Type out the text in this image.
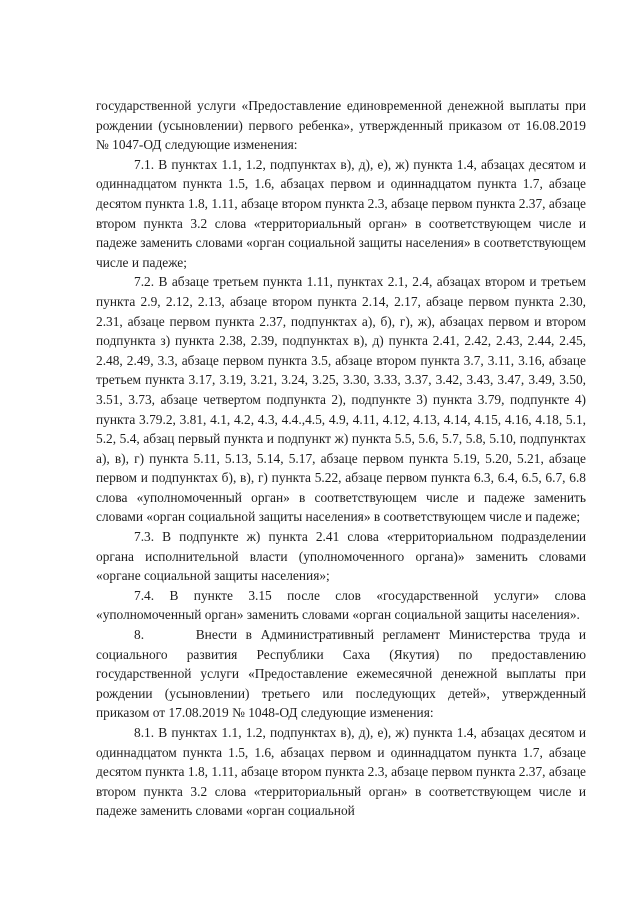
государственной услуги «Предоставление единовременной денежной выплаты при рождении (усыновлении) первого ребенка», утвержденный приказом от 16.08.2019 № 1047-ОД следующие изменения:

7.1. В пунктах 1.1, 1.2, подпунктах в), д), е), ж) пункта 1.4, абзацах десятом и одиннадцатом пункта 1.5, 1.6, абзацах первом и одиннадцатом пункта 1.7, абзаце десятом пункта 1.8, 1.11, абзаце втором пункта 2.3, абзаце первом пункта 2.37, абзаце втором пункта 3.2 слова «территориальный орган» в соответствующем числе и падеже заменить словами «орган социальной защиты населения» в соответствующем числе и падеже;

7.2. В абзаце третьем пункта 1.11, пунктах 2.1, 2.4, абзацах втором и третьем пункта 2.9, 2.12, 2.13, абзаце втором пункта 2.14, 2.17, абзаце первом пункта 2.30, 2.31, абзаце первом пункта 2.37, подпунктах а), б), г), ж), абзацах первом и втором подпункта з) пункта 2.38, 2.39, подпунктах в), д) пункта 2.41, 2.42, 2.43, 2.44, 2.45, 2.48, 2.49, 3.3, абзаце первом пункта 3.5, абзаце втором пункта 3.7, 3.11, 3.16, абзаце третьем пункта 3.17, 3.19, 3.21, 3.24, 3.25, 3.30, 3.33, 3.37, 3.42, 3.43, 3.47, 3.49, 3.50, 3.51, 3.73, абзаце четвертом подпункта 2), подпункте 3) пункта 3.79, подпункте 4) пункта 3.79.2, 3.81, 4.1, 4.2, 4.3, 4.4.,4.5, 4.9, 4.11, 4.12, 4.13, 4.14, 4.15, 4.16, 4.18, 5.1, 5.2, 5.4, абзац первый пункта и подпункт ж) пункта 5.5, 5.6, 5.7, 5.8, 5.10, подпунктах а), в), г) пункта 5.11, 5.13, 5.14, 5.17, абзаце первом пункта 5.19, 5.20, 5.21, абзаце первом и подпунктах б), в), г) пункта 5.22, абзаце первом пункта 6.3, 6.4, 6.5, 6.7, 6.8 слова «уполномоченный орган» в соответствующем числе и падеже заменить словами «орган социальной защиты населения» в соответствующем числе и падеже;

7.3. В подпункте ж) пункта 2.41 слова «территориальном подразделении органа исполнительной власти (уполномоченного органа)» заменить словами «органе социальной защиты населения»;

7.4. В пункте 3.15 после слов «государственной услуги» слова «уполномоченный орган» заменить словами «орган социальной защиты населения».

8.      Внести в Административный регламент Министерства труда и социального развития Республики Саха (Якутия) по предоставлению государственной услуги «Предоставление ежемесячной денежной выплаты при рождении (усыновлении) третьего или последующих детей», утвержденный приказом от 17.08.2019 № 1048-ОД следующие изменения:

8.1. В пунктах 1.1, 1.2, подпунктах в), д), е), ж) пункта 1.4, абзацах десятом и одиннадцатом пункта 1.5, 1.6, абзацах первом и одиннадцатом пункта 1.7, абзаце десятом пункта 1.8, 1.11, абзаце втором пункта 2.3, абзаце первом пункта 2.37, абзаце втором пункта 3.2 слова «территориальный орган» в соответствующем числе и падеже заменить словами «орган социальной
